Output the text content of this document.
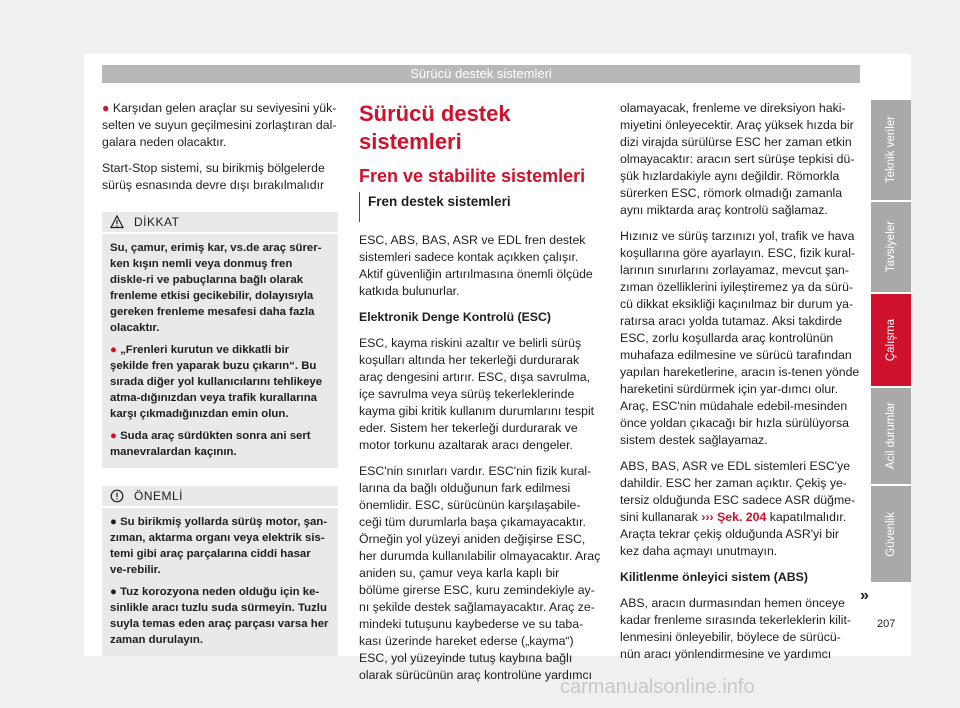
Sürücü destek sistemleri

● Karşıdan gelen araçlar su seviyesini yük-selten ve suyun geçilmesini zorlaştıran dal-galara neden olacaktır.

Start-Stop sistemi, su birikmiş bölgelerde sürüş esnasında devre dışı bırakılmalıdır

DİKKAT

Su, çamur, erimiş kar, vs.de araç sürer-ken kışın nemli veya donmuş fren diskle-ri ve pabuçlarına bağlı olarak frenleme etkisi gecikebilir, dolayısıyla gereken frenleme mesafesi daha fazla olacaktır.

● „Frenleri kurutun ve dikkatli bir şekilde fren yaparak buzu çıkarın“. Bu sırada diğer yol kullanıcılarını tehlikeye atma-dığınızdan veya trafik kurallarına karşı çıkmadığınızdan emin olun.

● Suda araç sürdükten sonra ani sert manevralardan kaçının.

ÖNEMLİ

● Su birikmiş yollarda sürüş motor, şan-zıman, aktarma organı veya elektrik sis-temi gibi araç parçalarına ciddi hasar ve-rebilir.

● Tuz korozyona neden olduğu için ke-sinlikle aracı tuzlu suda sürmeyin. Tuzlu suyla temas eden araç parçası varsa her zaman durulayın.

Sürücü destek sistemleri
Fren ve stabilite sistemleri
Fren destek sistemleri

ESC, ABS, BAS, ASR ve EDL fren destek sistemleri sadece kontak açıkken çalışır. Aktif güvenliğin artırılmasına önemli ölçüde katkıda bulunurlar.

Elektronik Denge Kontrolü (ESC)

ESC, kayma riskini azaltır ve belirli sürüş koşulları altında her tekerleği durdurarak araç dengesini artırır. ESC, dışa savrulma, içe savrulma veya sürüş tekerleklerinde kayma gibi kritik kullanım durumlarını tespit eder. Sistem her tekerleği durdurarak ve motor torkunu azaltarak aracı dengeler.

ESC'nin sınırları vardır. ESC'nin fizik kural-larına da bağlı olduğunun fark edilmesi önemlidir. ESC, sürücünün karşılaşabile-ceği tüm durumlarla başa çıkamayacaktır. Örneğin yol yüzeyi aniden değişirse ESC, her durumda kullanılabilir olmayacaktır. Araç aniden su, çamur veya karla kaplı bir bölüme girerse ESC, kuru zemindekiyle ay-nı şekilde destek sağlamayacaktır. Araç ze-mindeki tutuşunu kaybederse ve su taba-kası üzerinde hareket ederse („kayma“) ESC, yol yüzeyinde tutuş kaybına bağlı olarak sürücünün araç kontrolüne yardımcı

olamayacak, frenleme ve direksiyon haki-miyetini önleyecektir. Araç yüksek hızda bir dizi virajda sürülürse ESC her zaman etkin olmayacaktır: aracın sert sürüşe tepkisi dü-şük hızlardakiyle aynı değildir. Römorkla sürerken ESC, römork olmadığı zamanla aynı miktarda araç kontrolü sağlamaz.

Hızınız ve sürüş tarzınızı yol, trafik ve hava koşullarına göre ayarlayın. ESC, fizik kural-larının sınırlarını zorlayamaz, mevcut şan-zıman özelliklerini iyileştiremez ya da sürü-cü dikkat eksikliği kaçınılmaz bir durum ya-ratırsa aracı yolda tutamaz. Aksi takdirde ESC, zorlu koşullarda araç kontrolünün muhafaza edilmesine ve sürücü tarafından yapılan hareketlerine, aracın is-tenen yönde hareketini sürdürmek için yar-dımcı olur. Araç, ESC'nin müdahale edebil-mesinden önce yoldan çıkacağı bir hızla sürülüyorsa sistem destek sağlayamaz.

ABS, BAS, ASR ve EDL sistemleri ESC'ye dahildir. ESC her zaman açıktır. Çekiş ye-tersiz olduğunda ESC sadece ASR düğme-sini kullanarak ››› Şek. 204 kapatılmalıdır. Araçta tekrar çekiş olduğunda ASR'yi bir kez daha açmayı unutmayın.

Kilitlenme önleyici sistem (ABS)

ABS, aracın durmasından hemen önceye kadar frenleme sırasında tekerleklerin kilit-lenmesini önleyebilir, böylece de sürücü-nün aracı yönlendirmesine ve yardımcı

»
207
Teknik veriler
Tavsiyeler
Çalışma
Acil durumlar
Güvenlik
carmanualsonline.info
